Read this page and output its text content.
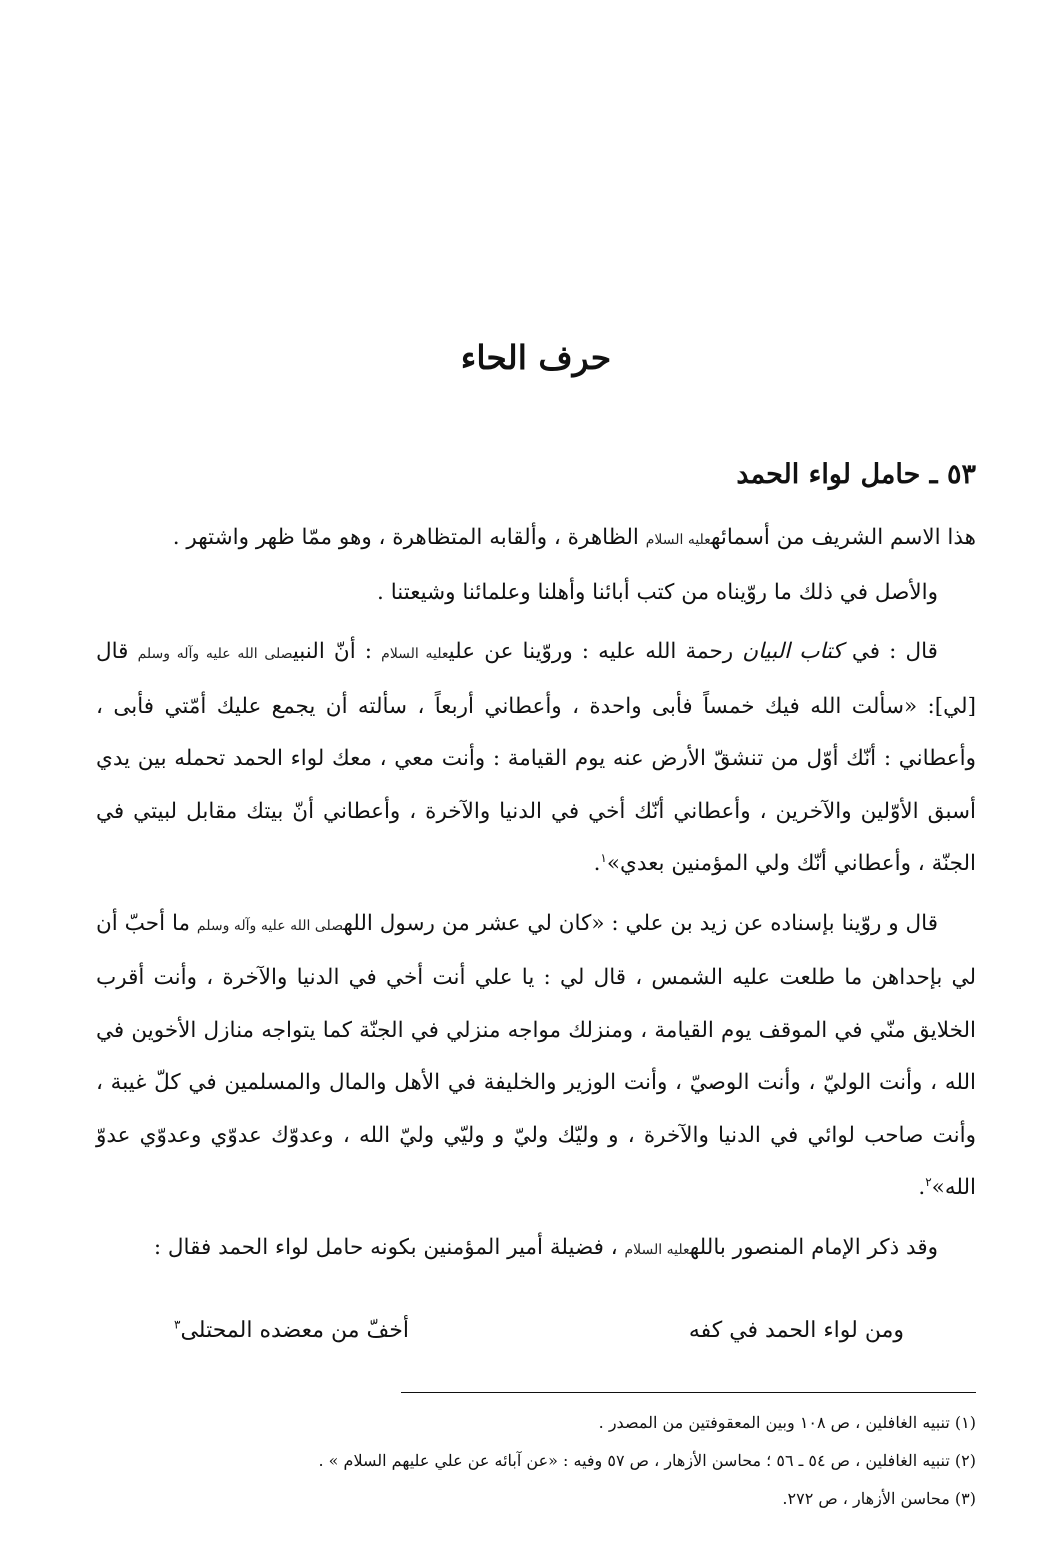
حرف الحاء
٥٣ ـ حامل لواء الحمد

هذا الاسم الشريف من أسمائهعليه السلام الظاهرة ، وألقابه المتظاهرة ، وهو ممّا ظهر واشتهر .

والأصل في ذلك ما روّيناه من كتب أبائنا وأهلنا وعلمائنا وشيعتنا .

قال : في كتاب البيان رحمة الله عليه : وروّينا عن عليعليه السلام : أنّ النبيصلى الله عليه وآله وسلم قال [لي]: «سألت الله فيك خمساً فأبى واحدة ، وأعطاني أربعاً ، سألته أن يجمع عليك أمّتي فأبى ، وأعطاني : أنّك أوّل من تنشقّ الأرض عنه يوم القيامة : وأنت معي ، معك لواء الحمد تحمله بين يدي أسبق الأوّلين والآخرين ، وأعطاني أنّك أخي في الدنيا والآخرة ، وأعطاني أنّ بيتك مقابل لبيتي في الجنّة ، وأعطاني أنّك ولي المؤمنين بعدي»$^١$.

قال و روّينا بإسناده عن زيد بن علي : «كان لي عشر من رسول اللهصلى الله عليه وآله وسلم ما أحبّ أن لي بإحداهن ما طلعت عليه الشمس ، قال لي : يا علي أنت أخي في الدنيا والآخرة ، وأنت أقرب الخلايق منّي في الموقف يوم القيامة ، ومنزلك مواجه منزلي في الجنّة كما يتواجه منازل الأخوين في الله ، وأنت الوليّ ، وأنت الوصيّ ، وأنت الوزير والخليفة في الأهل والمال والمسلمين في كلّ غيبة ، وأنت صاحب لوائي في الدنيا والآخرة ، و وليّك وليّ و وليّي وليّ الله ، وعدوّك عدوّي وعدوّي عدوّ الله»$^٢$.

وقد ذكر الإمام المنصور باللهعليه السلام ، فضيلة أمير المؤمنين بكونه حامل لواء الحمد فقال :

ومن لواء الحمد في كفه
أخفّ من معضده المحتلى$^٣$
(١) تنبيه الغافلين ، ص ١٠٨ وبين المعقوفتين من المصدر .
(٢) تنبيه الغافلين ، ص ٥٤ ـ ٥٦ ؛ محاسن الأزهار ، ص ٥٧ وفيه : «عن آبائه عن علي عليهم السلام » .
(٣) محاسن الأزهار ، ص ٢٧٢.
